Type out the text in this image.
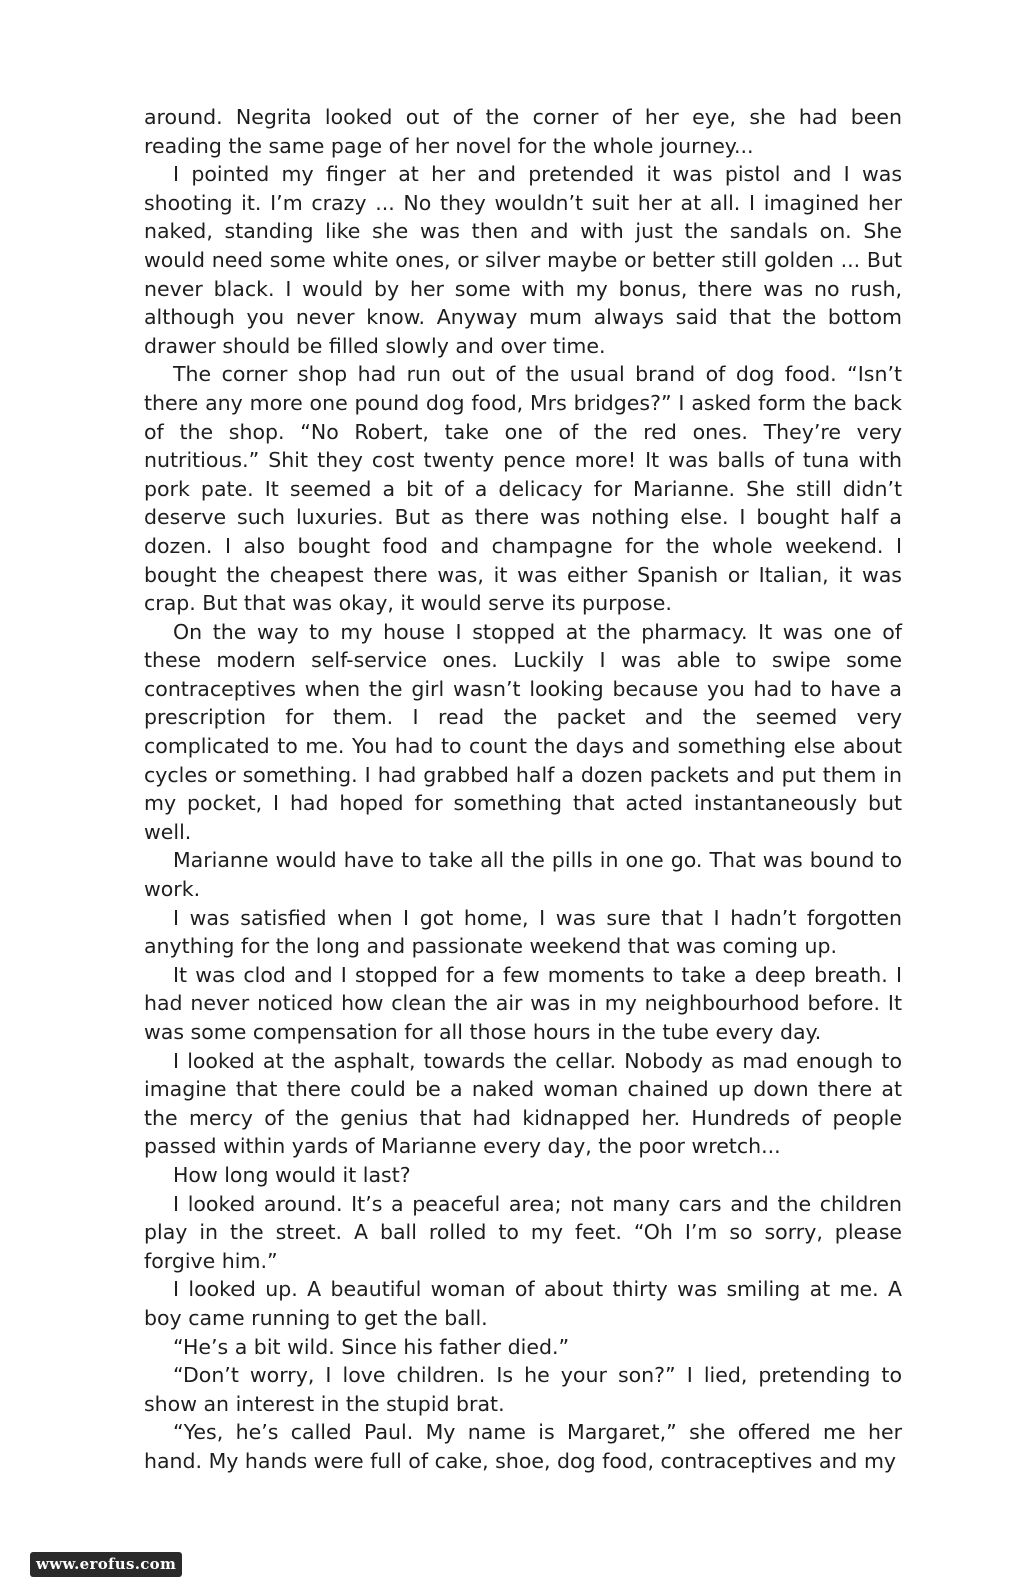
around. Negrita looked out of the corner of her eye, she had been reading the same page of her novel for the whole journey...

I pointed my finger at her and pretended it was pistol and I was shooting it. I’m crazy ... No they wouldn’t suit her at all. I imagined her naked, standing like she was then and with just the sandals on. She would need some white ones, or silver maybe or better still golden ... But never black. I would by her some with my bonus, there was no rush, although you never know. Anyway mum always said that the bottom drawer should be filled slowly and over time.

The corner shop had run out of the usual brand of dog food. “Isn’t there any more one pound dog food, Mrs bridges?” I asked form the back of the shop. “No Robert, take one of the red ones. They’re very nutritious.” Shit they cost twenty pence more! It was balls of tuna with pork pate. It seemed a bit of a delicacy for Marianne. She still didn’t deserve such luxuries. But as there was nothing else. I bought half a dozen. I also bought food and champagne for the whole weekend. I bought the cheapest there was, it was either Spanish or Italian, it was crap. But that was okay, it would serve its purpose.

On the way to my house I stopped at the pharmacy. It was one of these modern self-service ones. Luckily I was able to swipe some contraceptives when the girl wasn’t looking because you had to have a prescription for them. I read the packet and the seemed very complicated to me. You had to count the days and something else about cycles or something. I had grabbed half a dozen packets and put them in my pocket, I had hoped for something that acted instantaneously but well.

Marianne would have to take all the pills in one go. That was bound to work.

I was satisfied when I got home, I was sure that I hadn’t forgotten anything for the long and passionate weekend that was coming up.

It was clod and I stopped for a few moments to take a deep breath. I had never noticed how clean the air was in my neighbourhood before. It was some compensation for all those hours in the tube every day.

I looked at the asphalt, towards the cellar. Nobody as mad enough to imagine that there could be a naked woman chained up down there at the mercy of the genius that had kidnapped her. Hundreds of people passed within yards of Marianne every day, the poor wretch...

How long would it last?

I looked around. It’s a peaceful area; not many cars and the children play in the street. A ball rolled to my feet. “Oh I’m so sorry, please forgive him.”

I looked up. A beautiful woman of about thirty was smiling at me. A boy came running to get the ball.

“He’s a bit wild. Since his father died.”

“Don’t worry, I love children. Is he your son?” I lied, pretending to show an interest in the stupid brat.

“Yes, he’s called Paul. My name is Margaret,” she offered me her hand. My hands were full of cake, shoe, dog food, contraceptives and my

www.erofus.com
